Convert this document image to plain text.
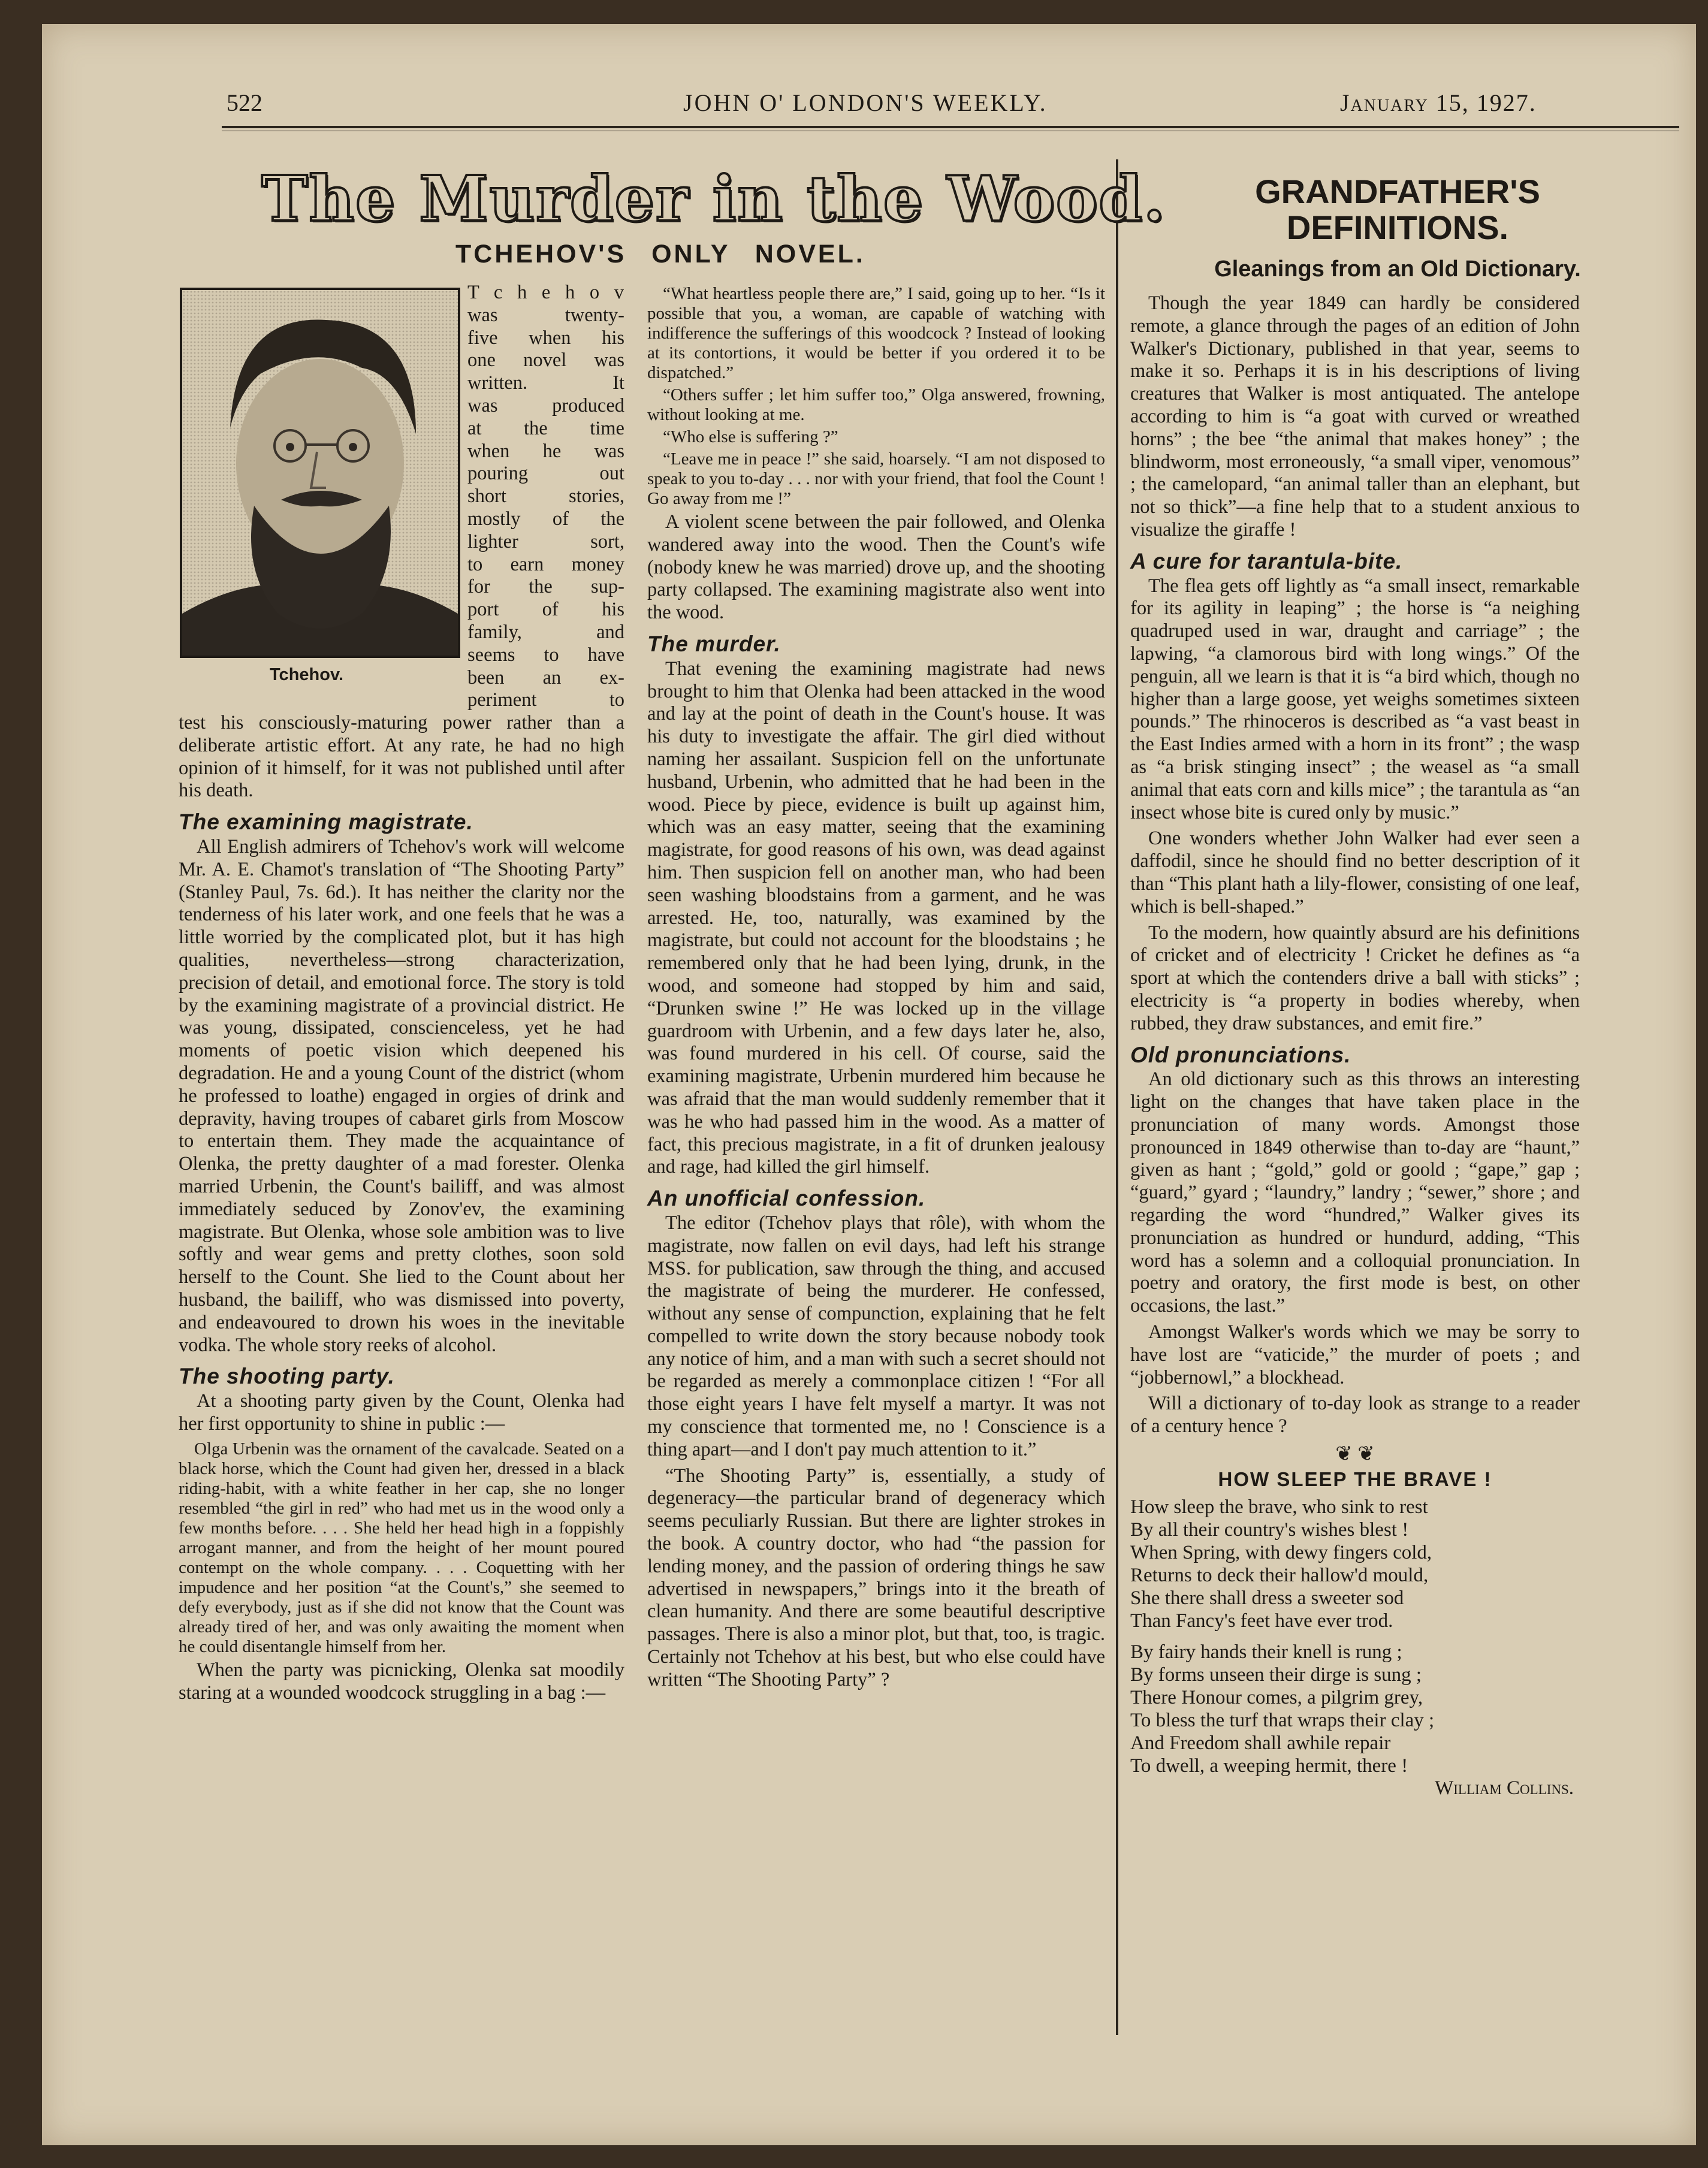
522	JOHN O' LONDON'S WEEKLY.	January 15, 1927.
The Murder in the Wood.
TCHEHOV'S ONLY NOVEL.
Tchehov.
T c h e h o v
was twenty-
five when his
one novel was
written. It
was produced
at the time
when he was
pouring out
short stories,
mostly of the
lighter sort,
to earn money
for the sup-
port of his
family, and
seems to have
been an ex-
periment to

test his consciously-maturing power rather than a deliberate artistic effort. At any rate, he had no high opinion of it himself, for it was not published until after his death.

The examining magistrate.

All English admirers of Tchehov's work will welcome Mr. A. E. Chamot's translation of “The Shooting Party” (Stanley Paul, 7s. 6d.). It has neither the clarity nor the tenderness of his later work, and one feels that he was a little worried by the complicated plot, but it has high qualities, nevertheless—strong characterization, precision of detail, and emotional force. The story is told by the examining magistrate of a provincial district. He was young, dissipated, conscienceless, yet he had moments of poetic vision which deepened his degradation. He and a young Count of the district (whom he professed to loathe) engaged in orgies of drink and depravity, having troupes of cabaret girls from Moscow to entertain them. They made the acquaintance of Olenka, the pretty daughter of a mad forester. Olenka married Urbenin, the Count's bailiff, and was almost immediately seduced by Zonov'ev, the examining magistrate. But Olenka, whose sole ambition was to live softly and wear gems and pretty clothes, soon sold herself to the Count. She lied to the Count about her husband, the bailiff, who was dismissed into poverty, and endeavoured to drown his woes in the inevitable vodka. The whole story reeks of alcohol.

The shooting party.

At a shooting party given by the Count, Olenka had her first opportunity to shine in public :—

Olga Urbenin was the ornament of the cavalcade. Seated on a black horse, which the Count had given her, dressed in a black riding-habit, with a white feather in her cap, she no longer resembled “the girl in red” who had met us in the wood only a few months before. . . . She held her head high in a foppishly arrogant manner, and from the height of her mount poured contempt on the whole company. . . . Coquetting with her impudence and her position “at the Count's,” she seemed to defy everybody, just as if she did not know that the Count was already tired of her, and was only awaiting the moment when he could disentangle himself from her.

When the party was picnicking, Olenka sat moodily staring at a wounded woodcock struggling in a bag :—

“What heartless people there are,” I said, going up to her. “Is it possible that you, a woman, are capable of watching with indifference the sufferings of this woodcock ? Instead of looking at its contortions, it would be better if you ordered it to be dispatched.”

“Others suffer ; let him suffer too,” Olga answered, frowning, without looking at me.

“Who else is suffering ?”

“Leave me in peace !” she said, hoarsely. “I am not disposed to speak to you to-day . . . nor with your friend, that fool the Count ! Go away from me !”

A violent scene between the pair followed, and Olenka wandered away into the wood. Then the Count's wife (nobody knew he was married) drove up, and the shooting party collapsed. The examining magistrate also went into the wood.

The murder.

That evening the examining magistrate had news brought to him that Olenka had been attacked in the wood and lay at the point of death in the Count's house. It was his duty to investigate the affair. The girl died without naming her assailant. Suspicion fell on the unfortunate husband, Urbenin, who admitted that he had been in the wood. Piece by piece, evidence is built up against him, which was an easy matter, seeing that the examining magistrate, for good reasons of his own, was dead against him. Then suspicion fell on another man, who had been seen washing bloodstains from a garment, and he was arrested. He, too, naturally, was examined by the magistrate, but could not account for the bloodstains ; he remembered only that he had been lying, drunk, in the wood, and someone had stopped by him and said, “Drunken swine !” He was locked up in the village guardroom with Urbenin, and a few days later he, also, was found murdered in his cell. Of course, said the examining magistrate, Urbenin murdered him because he was afraid that the man would suddenly remember that it was he who had passed him in the wood. As a matter of fact, this precious magistrate, in a fit of drunken jealousy and rage, had killed the girl himself.

An unofficial confession.

The editor (Tchehov plays that rôle), with whom the magistrate, now fallen on evil days, had left his strange MSS. for publication, saw through the thing, and accused the magistrate of being the murderer. He confessed, without any sense of compunction, explaining that he felt compelled to write down the story because nobody took any notice of him, and a man with such a secret should not be regarded as merely a commonplace citizen ! “For all those eight years I have felt myself a martyr. It was not my conscience that tormented me, no ! Conscience is a thing apart—and I don't pay much attention to it.”

“The Shooting Party” is, essentially, a study of degeneracy—the particular brand of degeneracy which seems peculiarly Russian. But there are lighter strokes in the book. A country doctor, who had “the passion for lending money, and the passion of ordering things he saw advertised in newspapers,” brings into it the breath of clean humanity. And there are some beautiful descriptive passages. There is also a minor plot, but that, too, is tragic. Certainly not Tchehov at his best, but who else could have written “The Shooting Party” ?

GRANDFATHER'S
DEFINITIONS.
Gleanings from an Old Dictionary.

Though the year 1849 can hardly be considered remote, a glance through the pages of an edition of John Walker's Dictionary, published in that year, seems to make it so. Perhaps it is in his descriptions of living creatures that Walker is most antiquated. The antelope according to him is “a goat with curved or wreathed horns” ; the bee “the animal that makes honey” ; the blindworm, most erroneously, “a small viper, venomous” ; the camelopard, “an animal taller than an elephant, but not so thick”—a fine help that to a student anxious to visualize the giraffe !

A cure for tarantula-bite.

The flea gets off lightly as “a small insect, remarkable for its agility in leaping” ; the horse is “a neighing quadruped used in war, draught and carriage” ; the lapwing, “a clamorous bird with long wings.” Of the penguin, all we learn is that it is “a bird which, though no higher than a large goose, yet weighs sometimes sixteen pounds.” The rhinoceros is described as “a vast beast in the East Indies armed with a horn in its front” ; the wasp as “a brisk stinging insect” ; the weasel as “a small animal that eats corn and kills mice” ; the tarantula as “an insect whose bite is cured only by music.”

One wonders whether John Walker had ever seen a daffodil, since he should find no better description of it than “This plant hath a lily-flower, consisting of one leaf, which is bell-shaped.”

To the modern, how quaintly absurd are his definitions of cricket and of electricity ! Cricket he defines as “a sport at which the contenders drive a ball with sticks” ; electricity is “a property in bodies whereby, when rubbed, they draw substances, and emit fire.”

Old pronunciations.

An old dictionary such as this throws an interesting light on the changes that have taken place in the pronunciation of many words. Amongst those pronounced in 1849 otherwise than to-day are “haunt,” given as hant ; “gold,” gold or goold ; “gape,” gap ; “guard,” gyard ; “laundry,” landry ; “sewer,” shore ; and regarding the word “hundred,” Walker gives its pronunciation as hundred or hundurd, adding, “This word has a solemn and a colloquial pronunciation. In poetry and oratory, the first mode is best, on other occasions, the last.”

Amongst Walker's words which we may be sorry to have lost are “vaticide,” the murder of poets ; and “jobbernowl,” a blockhead.

Will a dictionary of to-day look as strange to a reader of a century hence ?

❦ ❦
HOW SLEEP THE BRAVE !
How sleep the brave, who sink to rest
By all their country's wishes blest !
When Spring, with dewy fingers cold,
Returns to deck their hallow'd mould,
She there shall dress a sweeter sod
Than Fancy's feet have ever trod.
By fairy hands their knell is rung ;
By forms unseen their dirge is sung ;
There Honour comes, a pilgrim grey,
To bless the turf that wraps their clay ;
And Freedom shall awhile repair
To dwell, a weeping hermit, there !
William Collins.
